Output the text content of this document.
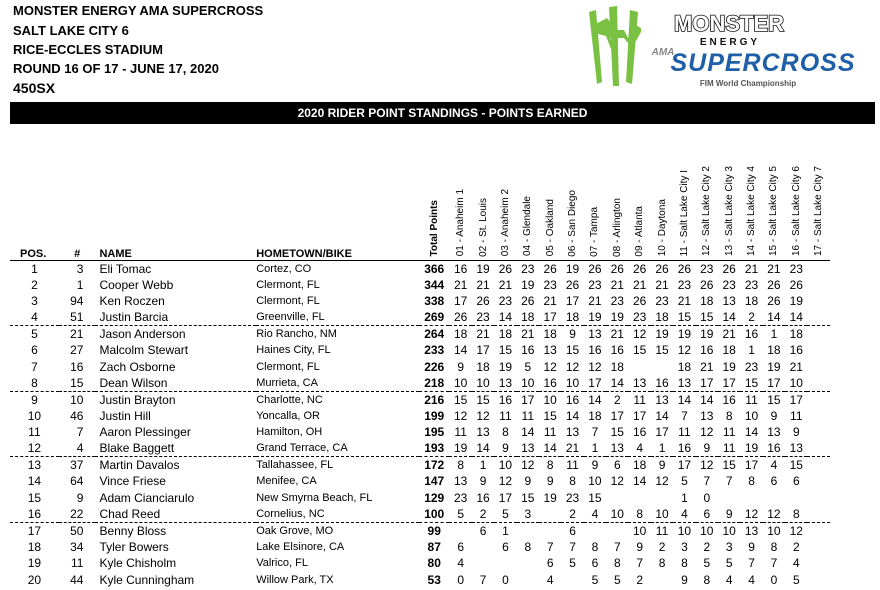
MONSTER ENERGY AMA SUPERCROSS
SALT LAKE CITY 6
RICE-ECCLES STADIUM
ROUND 16 OF 17 - JUNE 17, 2020
450SX
MONSTER
ENERGY
AMA
SUPERCROSS
FIM World Championship
2020 RIDER POINT STANDINGS - POINTS EARNED
POS.	#	NAME	HOMETOWN/BIKE	Total Points	01 - Anaheim 1	02 - St. Louis	03 - Anaheim 2	04 - Glendale	05 - Oakland	06 - San Diego	07 - Tampa	08 - Arlington	09 - Atlanta	10 - Daytona	11 - Salt Lake City I	12 - Salt Lake City 2	13 - Salt Lake City 3	14 - Salt Lake City 4	15 - Salt Lake City 5	16 - Salt Lake City 6	17 - Salt Lake City 7
1	3	Eli Tomac	Cortez, CO	366	16	19	26	23	26	19	26	26	26	26	26	23	26	21	21	23	
2	1	Cooper Webb	Clermont, FL	344	21	21	21	19	23	26	23	21	21	21	23	26	23	23	26	26	
3	94	Ken Roczen	Clermont, FL	338	17	26	23	26	21	17	21	23	26	23	21	18	13	18	26	19	
4	51	Justin Barcia	Greenville, FL	269	26	23	14	18	17	18	19	19	23	18	15	15	14	2	14	14	
5	21	Jason Anderson	Rio Rancho, NM	264	18	21	18	21	18	9	13	21	12	19	19	19	21	16	1	18	
6	27	Malcolm Stewart	Haines City, FL	233	14	17	15	16	13	15	16	16	15	15	12	16	18	1	18	16	
7	16	Zach Osborne	Clermont, FL	226	9	18	19	5	12	12	12	18			18	21	19	23	19	21	
8	15	Dean Wilson	Murrieta, CA	218	10	10	13	10	16	10	17	14	13	16	13	17	17	15	17	10	
9	10	Justin Brayton	Charlotte, NC	216	15	15	16	17	10	16	14	2	11	13	14	14	16	11	15	17	
10	46	Justin Hill	Yoncalla, OR	199	12	12	11	11	15	14	18	17	17	14	7	13	8	10	9	11	
11	7	Aaron Plessinger	Hamilton, OH	195	11	13	8	14	11	13	7	15	16	17	11	12	11	14	13	9	
12	4	Blake Baggett	Grand Terrace, CA	193	19	14	9	13	14	21	1	13	4	1	16	9	11	19	16	13	
13	37	Martin Davalos	Tallahassee, FL	172	8	1	10	12	8	11	9	6	18	9	17	12	15	17	4	15	
14	64	Vince Friese	Menifee, CA	147	13	9	12	9	9	8	10	12	14	12	5	7	7	8	6	6	
15	9	Adam Cianciarulo	New Smyrna Beach, FL	129	23	16	17	15	19	23	15				1	0					
16	22	Chad Reed	Cornelius, NC	100	5	2	5	3		2	4	10	8	10	4	6	9	12	12	8	
17	50	Benny Bloss	Oak Grove, MO	99		6	1			6			10	11	10	10	10	13	10	12	
18	34	Tyler Bowers	Lake Elsinore, CA	87	6		6	8	7	7	8	7	9	2	3	2	3	9	8	2	
19	11	Kyle Chisholm	Valrico, FL	80	4				6	5	6	8	7	8	8	5	5	7	7	4	
20	44	Kyle Cunningham	Willow Park, TX	53	0	7	0		4		5	5	2		9	8	4	4	0	5	
